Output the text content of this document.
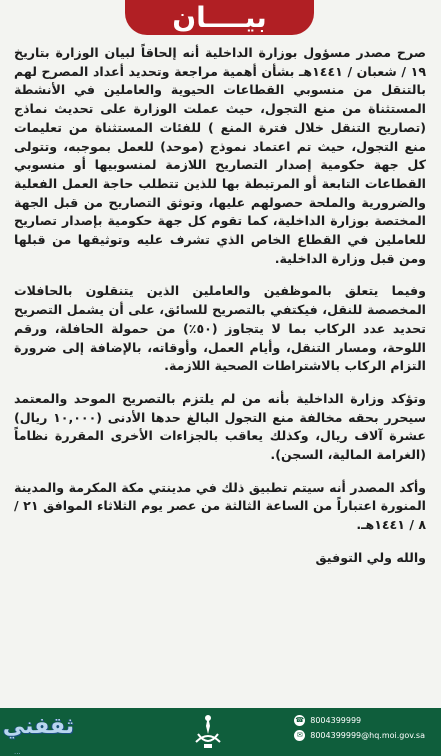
بيــــان

صرح مصدر مسؤول بوزارة الداخلية أنه إلحاقاً لبيان الوزارة بتاريخ ١٩ / شعبان / ١٤٤١هـ بشأن أهمية مراجعة وتحديد أعداد المصرح لهم بالتنقل من منسوبي القطاعات الحيوية والعاملين في الأنشطة المستثناة من منع التجول، حيث عملت الوزارة على تحديث نماذج (تصاريح التنقل خلال فترة المنع ) للفئات المستثناة من تعليمات منع التجول، حيث تم اعتماد نموذج (موحد) للعمل بموجبه، وتتولى كل جهة حكومية إصدار التصاريح اللازمة لمنسوبيها أو منسوبي القطاعات التابعة أو المرتبطة بها للذين تتطلب حاجة العمل الفعلية والضرورية والملحة حصولهم عليها، وتوثق التصاريح من قبل الجهة المختصة بوزارة الداخلية، كما تقوم كل جهة حكومية بإصدار تصاريح للعاملين في القطاع الخاص الذي تشرف عليه وتوثيقها من قبلها ومن قبل وزارة الداخلية.

وفيما يتعلق بالموظفين والعاملين الذين يتنقلون بالحافلات المخصصة للنقل، فيكتفي بالتصريح للسائق، على أن يشمل التصريح تحديد عدد الركاب بما لا يتجاوز (٥٠٪) من حمولة الحافلة، ورقم اللوحة، ومسار التنقل، وأيام العمل، وأوقاته، بالإضافة إلى ضرورة التزام الركاب بالاشتراطات الصحية اللازمة.

وتؤكد وزارة الداخلية بأنه من لم يلتزم بالتصريح الموحد والمعتمد سيحرر بحقه مخالفة منع التجول البالغ حدها الأدنى (١٠,٠٠٠ ريال) عشرة آلاف ريال، وكذلك يعاقب بالجزاءات الأخرى المقررة نظاماً (الغرامة المالية، السجن).

وأكد المصدر أنه سيتم تطبيق ذلك في مدينتي مكة المكرمة والمدينة المنورة اعتباراً من الساعة الثالثة من عصر يوم الثلاثاء الموافق ٢١ / ٨ / ١٤٤١هـ.

والله ولي التوفيق

☎ 8004399999
✉ 8004399999@hq.moi.gov.sa
ثقفني
...
